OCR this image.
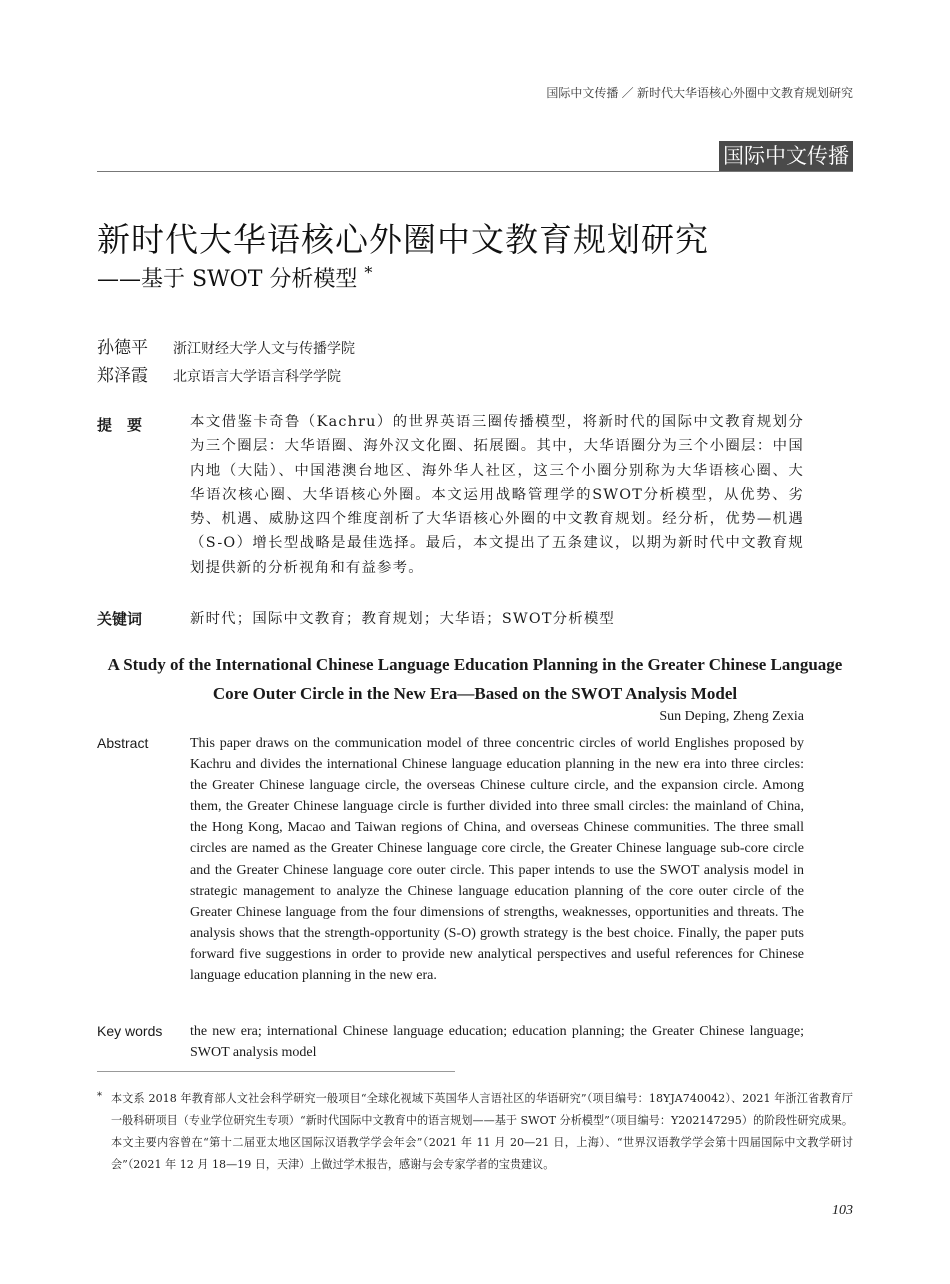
国际中文传播 ／ 新时代大华语核心外圈中文教育规划研究
国际中文传播
新时代大华语核心外圈中文教育规划研究
——基于 SWOT 分析模型 *
孙德平	浙江财经大学人文与传播学院
郑泽霞	北京语言大学语言科学学院
提　要	本文借鉴卡奇鲁（Kachru）的世界英语三圈传播模型，将新时代的国际中文教育规划分为三个圈层：大华语圈、海外汉文化圈、拓展圈。其中，大华语圈分为三个小圈层：中国内地（大陆）、中国港澳台地区、海外华人社区，这三个小圈分别称为大华语核心圈、大华语次核心圈、大华语核心外圈。本文运用战略管理学的SWOT分析模型，从优势、劣势、机遇、威胁这四个维度剖析了大华语核心外圈的中文教育规划。经分析，优势—机遇（S-O）增长型战略是最佳选择。最后，本文提出了五条建议，以期为新时代中文教育规划提供新的分析视角和有益参考。
关键词	新时代；国际中文教育；教育规划；大华语；SWOT分析模型
A Study of the International Chinese Language Education Planning in the Greater Chinese Language Core Outer Circle in the New Era—Based on the SWOT Analysis Model
Sun Deping, Zheng Zexia
Abstract	This paper draws on the communication model of three concentric circles of world Englishes proposed by Kachru and divides the international Chinese language education planning in the new era into three circles: the Greater Chinese language circle, the overseas Chinese culture circle, and the expansion circle. Among them, the Greater Chinese language circle is further divided into three small circles: the mainland of China, the Hong Kong, Macao and Taiwan regions of China, and overseas Chinese communities. The three small circles are named as the Greater Chinese language core circle, the Greater Chinese language sub-core circle and the Greater Chinese language core outer circle. This paper intends to use the SWOT analysis model in strategic management to analyze the Chinese language education planning of the core outer circle of the Greater Chinese language from the four dimensions of strengths, weaknesses, opportunities and threats. The analysis shows that the strength-opportunity (S-O) growth strategy is the best choice. Finally, the paper puts forward five suggestions in order to provide new analytical perspectives and useful references for Chinese language education planning in the new era.
Key words the new era; international Chinese language education; education planning; the Greater Chinese language; SWOT analysis model
* 本文系 2018 年教育部人文社会科学研究一般项目“全球化视域下英国华人言语社区的华语研究”（项目编号：18YJA740042）、2021 年浙江省教育厅一般科研项目（专业学位研究生专项）“新时代国际中文教育中的语言规划——基于 SWOT 分析模型”（项目编号：Y202147295）的阶段性研究成果。本文主要内容曾在“第十二届亚太地区国际汉语教学学会年会”（2021 年 11 月 20—21 日，上海）、“世界汉语教学学会第十四届国际中文教学研讨会”（2021 年 12 月 18—19 日，天津）上做过学术报告，感谢与会专家学者的宝贵建议。
103
